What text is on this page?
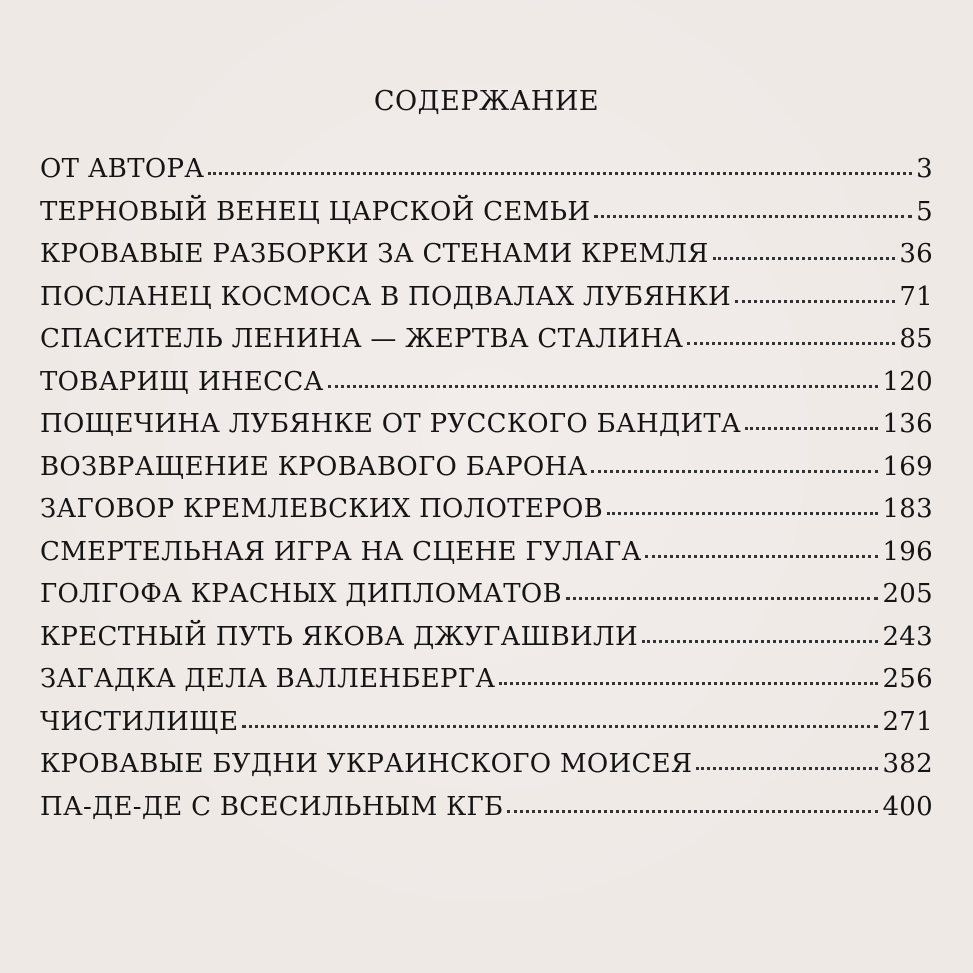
СОДЕРЖАНИЕ
ОТ АВТОРА	3
ТЕРНОВЫЙ ВЕНЕЦ ЦАРСКОЙ СЕМЬИ	5
КРОВАВЫЕ РАЗБОРКИ ЗА СТЕНАМИ КРЕМЛЯ	36
ПОСЛАНЕЦ КОСМОСА В ПОДВАЛАХ ЛУБЯНКИ	71
СПАСИТЕЛЬ ЛЕНИНА — ЖЕРТВА СТАЛИНА	85
ТОВАРИЩ ИНЕССА	120
ПОЩЕЧИНА ЛУБЯНКЕ ОТ РУССКОГО БАНДИТА	136
ВОЗВРАЩЕНИЕ КРОВАВОГО БАРОНА	169
ЗАГОВОР КРЕМЛЕВСКИХ ПОЛОТЕРОВ	183
СМЕРТЕЛЬНАЯ ИГРА НА СЦЕНЕ ГУЛАГА	196
ГОЛГОФА КРАСНЫХ ДИПЛОМАТОВ	205
КРЕСТНЫЙ ПУТЬ ЯКОВА ДЖУГАШВИЛИ	243
ЗАГАДКА ДЕЛА ВАЛЛЕНБЕРГА	256
ЧИСТИЛИЩЕ	271
КРОВАВЫЕ БУДНИ УКРАИНСКОГО МОИСЕЯ	382
ПА-ДЕ-ДЕ С ВСЕСИЛЬНЫМ КГБ	400
